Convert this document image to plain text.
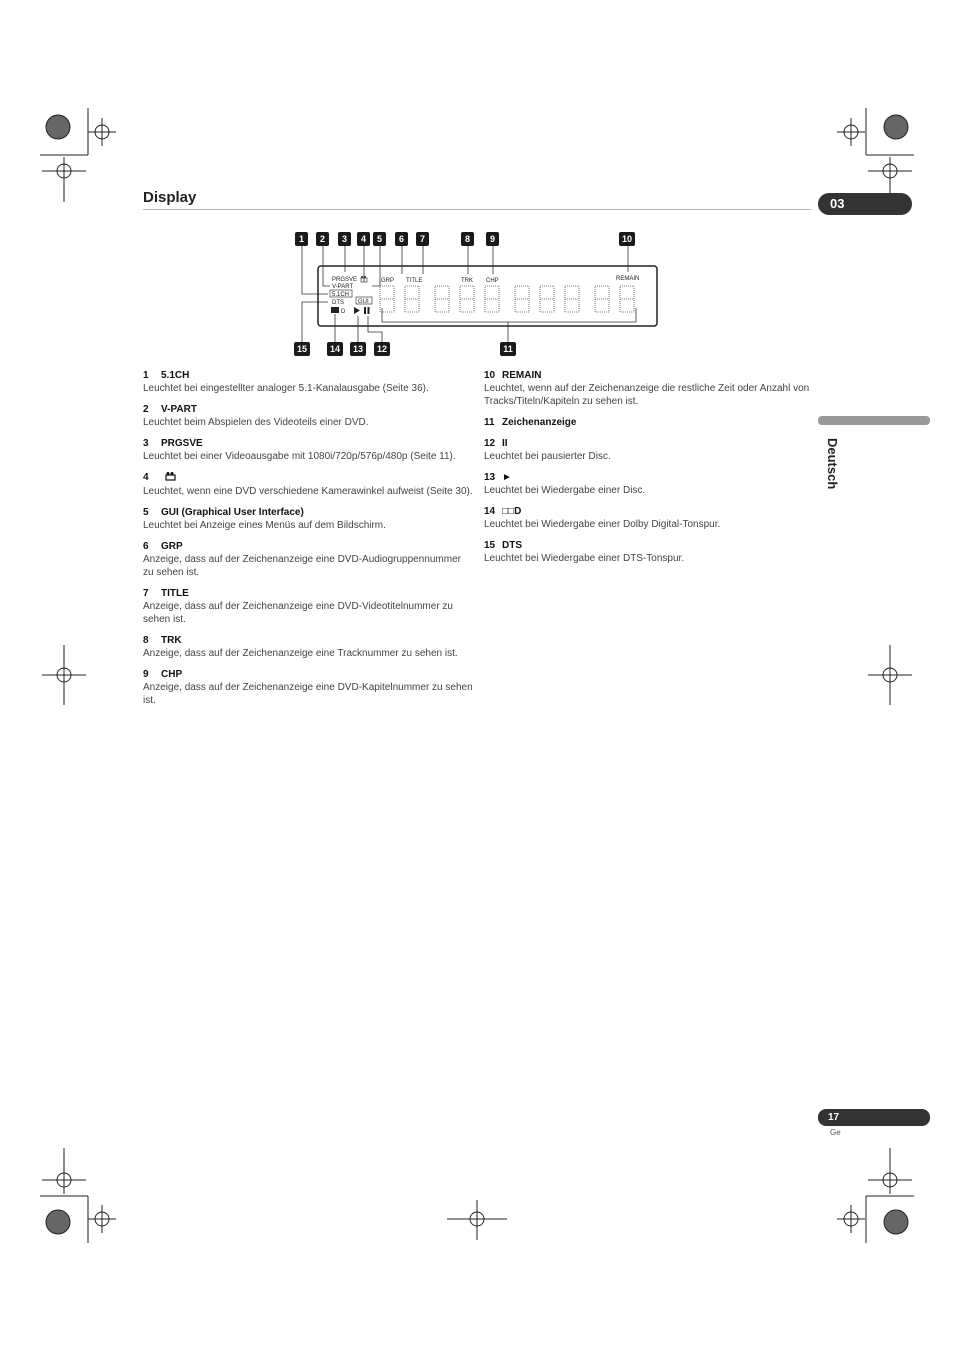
Display	03
Deutsch
PRGSVE
V-PART
5.1CH
DTS
D
GUI
GRP TITLE	TRK CHP	REMAIN
1	2	3	4	5	6	7	8	9	10
15	14	13	12	11
1	5.1CH
Leuchtet bei eingestellter analoger 5.1-Kanalausgabe (Seite 36).
2	V-PART
Leuchtet beim Abspielen des Videoteils einer DVD.
3	PRGSVE
Leuchtet bei einer Videoausgabe mit 1080i/720p/576p/480p (Seite 11).
4
Leuchtet, wenn eine DVD verschiedene Kamerawinkel aufweist (Seite 30).
5	GUI (Graphical User Interface)
Leuchtet bei Anzeige eines Menüs auf dem Bildschirm.
6	GRP
Anzeige, dass auf der Zeichenanzeige eine DVD-Audiogruppennummer zu sehen ist.
7	TITLE
Anzeige, dass auf der Zeichenanzeige eine DVD-Videotitelnummer zu sehen ist.
8	TRK
Anzeige, dass auf der Zeichenanzeige eine Tracknummer zu sehen ist.
9	CHP
Anzeige, dass auf der Zeichenanzeige eine DVD-Kapitelnummer zu sehen ist.
10 REMAIN
Leuchtet, wenn auf der Zeichenanzeige die restliche Zeit oder Anzahl von Tracks/Titeln/Kapiteln zu sehen ist.
11 Zeichenanzeige
12 II
Leuchtet bei pausierter Disc.
13 ►
Leuchtet bei Wiedergabe einer Disc.
14 □□D
Leuchtet bei Wiedergabe einer Dolby Digital-Tonspur.
15 DTS
Leuchtet bei Wiedergabe einer DTS-Tonspur.
17
Ge
